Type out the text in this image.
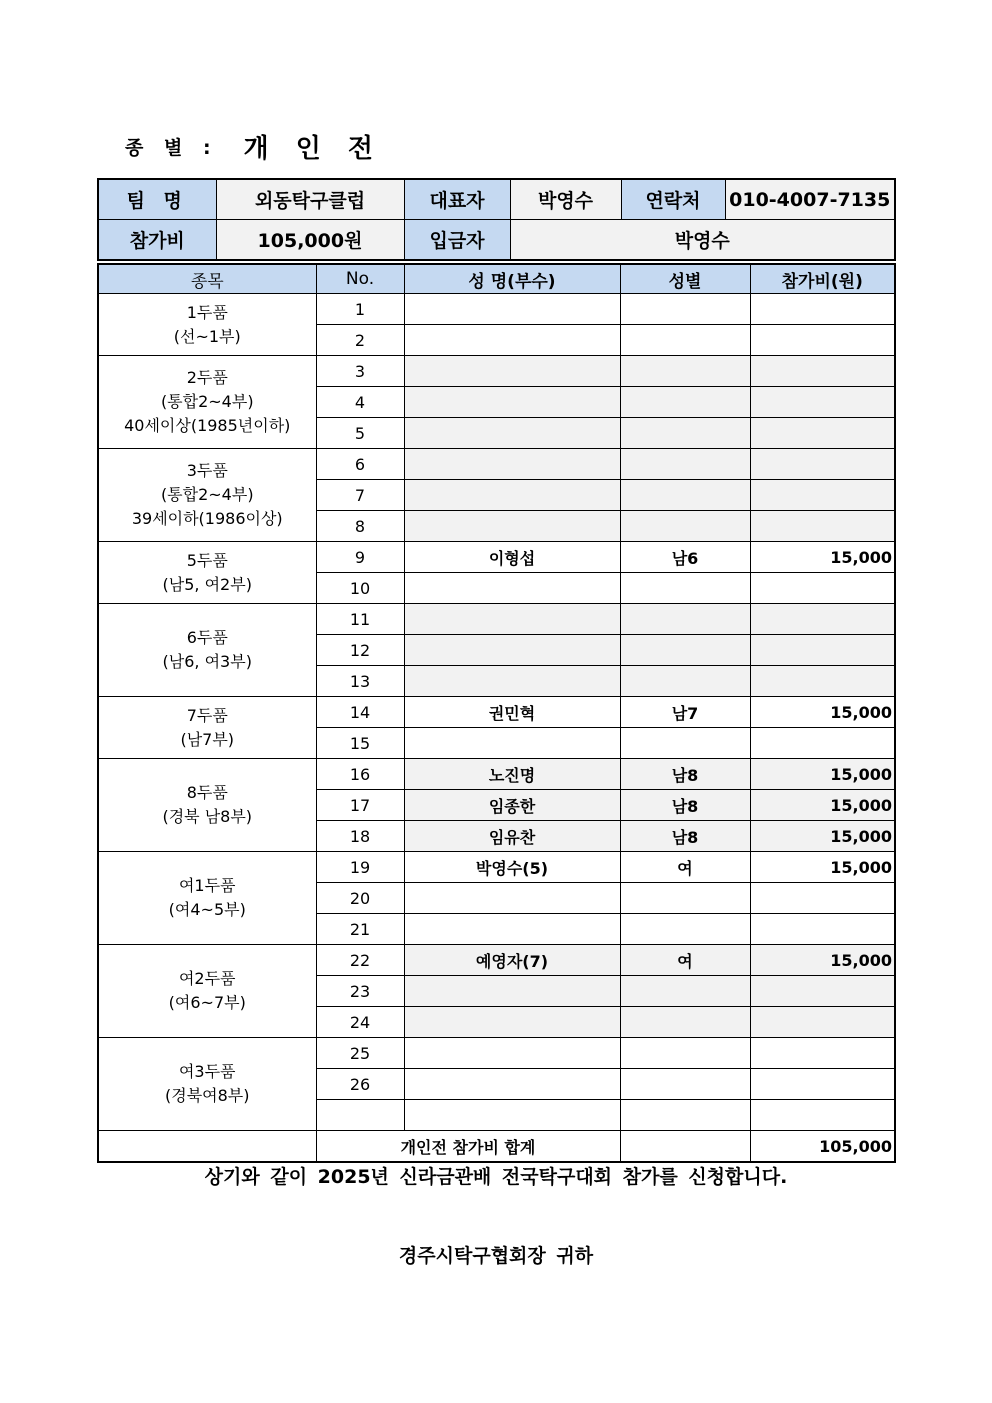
종 별 : 개 인 전
팀 명	외동탁구클럽	대표자	박영수	연락처	010-4007-7135
참가비	105,000원	입금자	박영수		
종목	No.	성 명(부수)	성별	참가비(원)

1두품
(선~1부)	1			
	2			

2두품
(통합2~4부)
40세이상(1985년이하)	3			
	4			
	5			

3두품
(통합2~4부)
39세이하(1986이상)	6			
	7			
	8			

5두품
(남5, 여2부)	9	이형섭	남6	15,000
	10			

6두품
(남6, 여3부)	11			
	12			
	13			

7두품
(남7부)	14	권민혁	남7	15,000
	15			

8두품
(경북 남8부)	16	노진명	남8	15,000
	17	임종한	남8	15,000
	18	임유찬	남8	15,000

여1두품
(여4~5부)	19	박영수(5)	여	15,000
	20			
	21			

여2두품
(여6~7부)	22	예영자(7)	여	15,000
	23			
	24			

여3두품
(경북여8부)	25			
	26			

	개인전 참가비 합계			105,000
상기와 같이 2025년 신라금관배 전국탁구대회 참가를 신청합니다.
경주시탁구협회장 귀하
